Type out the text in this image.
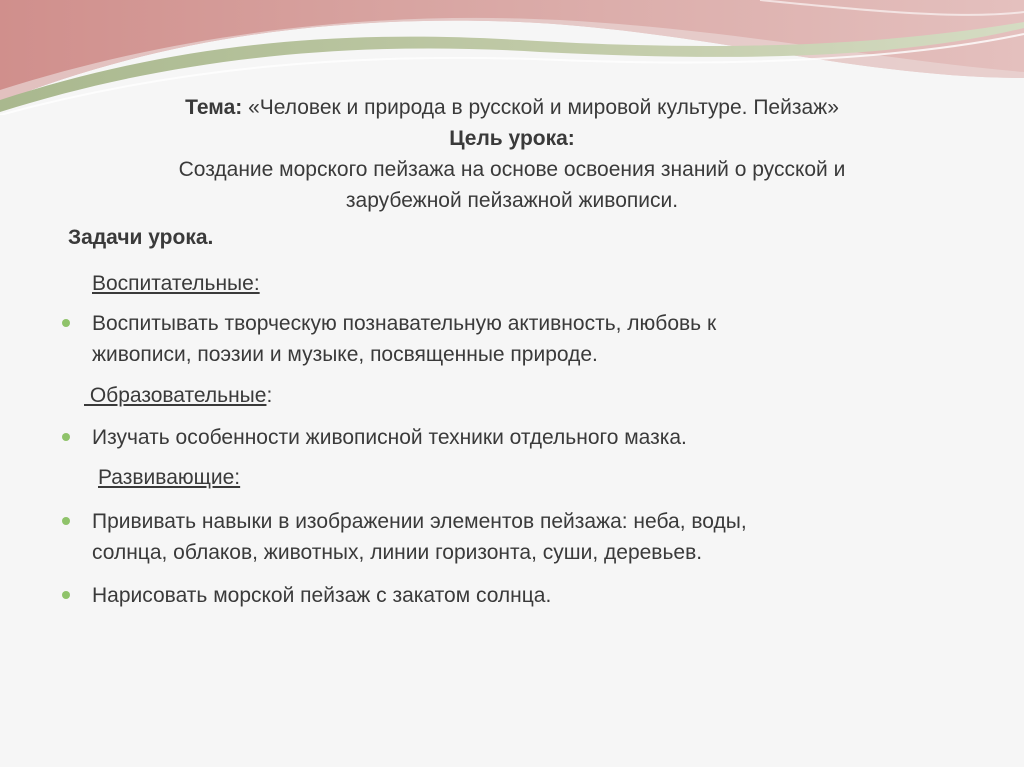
Тема: «Человек и природа в русской и мировой культуре. Пейзаж»
Цель урока:
Создание морского пейзажа на основе освоения знаний о русской и
зарубежной пейзажной живописи.
Задачи урока.
Воспитательные:
Воспитывать творческую познавательную активность, любовь к
живописи, поэзии и музыке, посвященные природе.
Образовательные:
Изучать особенности живописной техники отдельного мазка.
Развивающие:
Прививать навыки в изображении элементов пейзажа: неба, воды,
солнца, облаков, животных, линии горизонта, суши, деревьев.
Нарисовать морской пейзаж с закатом солнца.
